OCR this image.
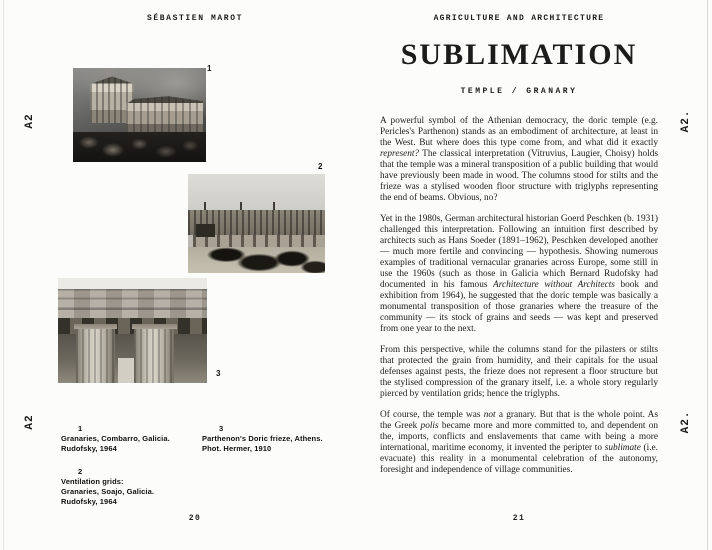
A2
A2
A2.
A2.
SÉBASTIEN MAROT
1
2
3
1
Granaries, Combarro, Galicia.
Rudofsky, 1964
2
Ventilation grids:
Granaries, Soajo, Galicia.
Rudofsky, 1964
3
Parthenon's Doric frieze, Athens.
Phot. Hermer, 1910
20
AGRICULTURE AND ARCHITECTURE
SUBLIMATION
TEMPLE / GRANARY
A powerful symbol of the Athenian democracy, the doric temple (e.g. Pericles's Parthenon) stands as an embodiment of architecture, at least in the West. But where does this type come from, and what did it exactly represent? The classical interpretation (Vitruvius, Laugier, Choisy) holds that the temple was a mineral transposition of a public building that would have previously been made in wood. The columns stood for stilts and the frieze was a stylised wooden floor structure with triglyphs representing the end of beams. Obvious, no?
Yet in the 1980s, German architectural historian Goerd Peschken (b. 1931) challenged this interpretation. Following an intuition first described by architects such as Hans Soeder (1891–1962), Peschken developed another — much more fertile and convincing — hypothesis. Showing numerous examples of traditional vernacular granaries across Europe, some still in use the 1960s (such as those in Galicia which Bernard Rudofsky had documented in his famous Architecture without Architects book and exhibition from 1964), he suggested that the doric temple was basically a monumental transposition of those granaries where the treasure of the community — its stock of grains and seeds — was kept and preserved from one year to the next.
From this perspective, while the columns stand for the pilasters or stilts that protected the grain from humidity, and their capitals for the usual defenses against pests, the frieze does not represent a floor structure but the stylised compression of the granary itself, i.e. a whole story regularly pierced by ventilation grids; hence the triglyphs.
Of course, the temple was not a granary. But that is the whole point. As the Greek polis became more and more committed to, and dependent on the, imports, conflicts and enslavements that came with being a more international, maritime economy, it invented the peripter to sublimate (i.e. evacuate) this reality in a monumental celebration of the autonomy, foresight and independence of village communities.
21
